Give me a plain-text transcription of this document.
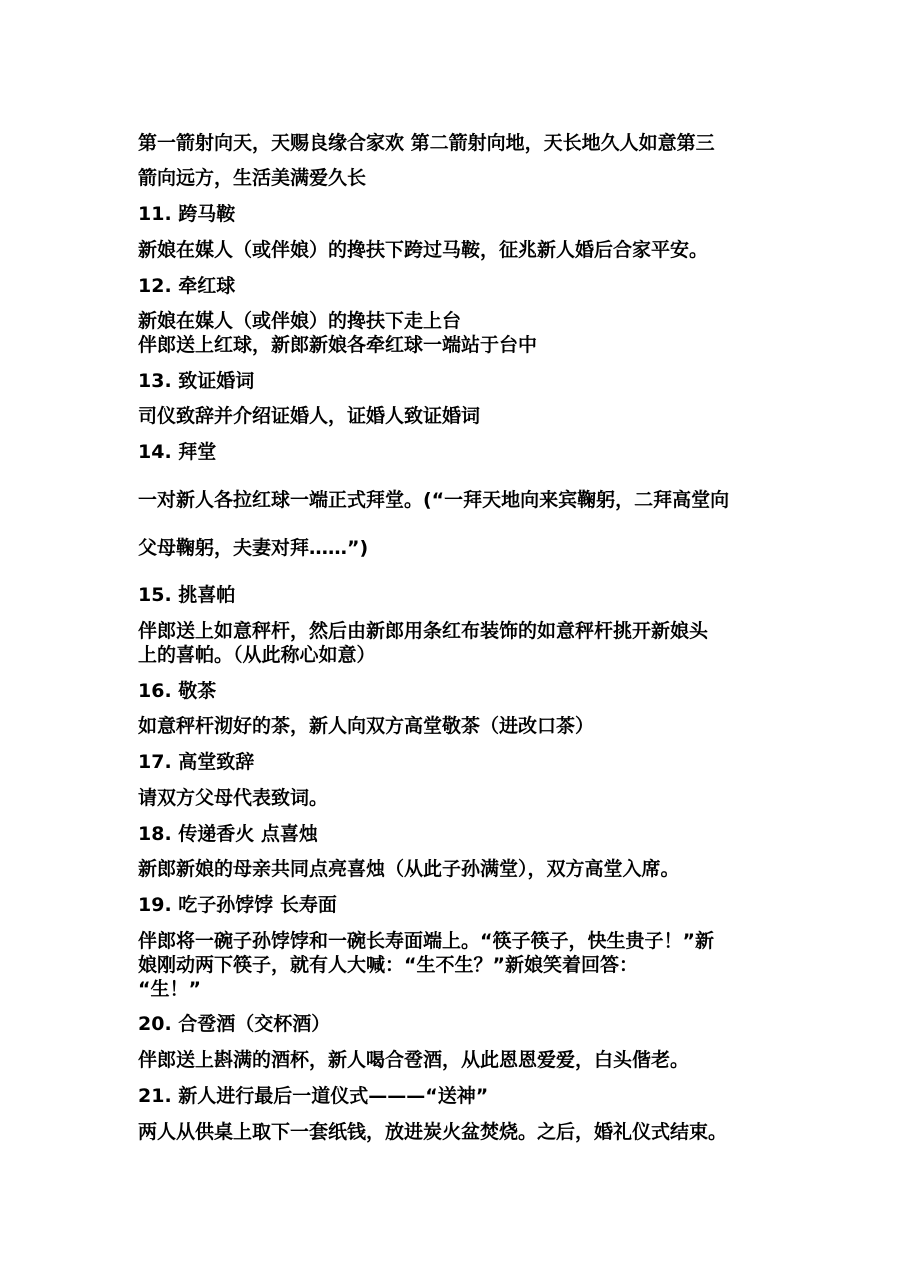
第一箭射向天，天赐良缘合家欢 第二箭射向地，天长地久人如意第三
箭向远方，生活美满爱久长
11. 跨马鞍
新娘在媒人（或伴娘）的搀扶下跨过马鞍，征兆新人婚后合家平安。
12. 牵红球
新娘在媒人（或伴娘）的搀扶下走上台
伴郎送上红球，新郎新娘各牵红球一端站于台中
13. 致证婚词
司仪致辞并介绍证婚人，证婚人致证婚词
14. 拜堂
一对新人各拉红球一端正式拜堂。(“一拜天地向来宾鞠躬，二拜高堂向
父母鞠躬，夫妻对拜……”)
15. 挑喜帕
伴郎送上如意秤杆，然后由新郎用条红布装饰的如意秤杆挑开新娘头
上的喜帕。（从此称心如意）
16. 敬茶
如意秤杆沏好的茶，新人向双方高堂敬茶（进改口茶）
17. 高堂致辞
请双方父母代表致词。
18. 传递香火 点喜烛
新郎新娘的母亲共同点亮喜烛（从此子孙满堂），双方高堂入席。
19. 吃子孙饽饽 长寿面
伴郎将一碗子孙饽饽和一碗长寿面端上。“筷子筷子，快生贵子！”新
娘刚动两下筷子，就有人大喊：“生不生？”新娘笑着回答：
“生！”
20. 合卺酒（交杯酒）
伴郎送上斟满的酒杯，新人喝合卺酒，从此恩恩爱爱，白头偕老。
21. 新人进行最后一道仪式———“送神”
两人从供桌上取下一套纸钱，放进炭火盆焚烧。之后，婚礼仪式结束。
